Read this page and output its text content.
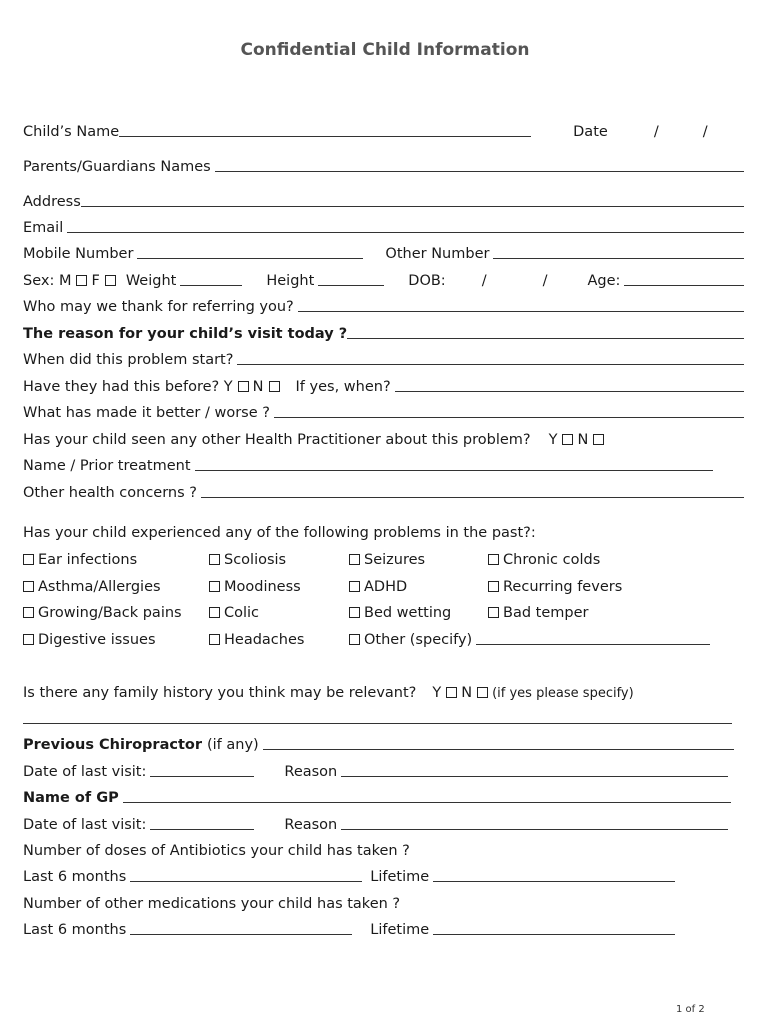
Confidential Child Information
Child’s Name	Date	/	/
Parents/Guardians Names
Address
Email
Mobile Number	Other Number
Sex: M F Weight	Height	DOB: /	/	Age:
Who may we thank for referring you?
The reason for your child’s visit today ?
When did this problem start?
Have they had this before? Y N If yes, when?
What has made it better / worse ?
Has your child seen any other Health Practitioner about this problem? Y N
Name / Prior treatment
Other health concerns ?
Has your child experienced any of the following problems in the past?:
Ear infections	Scoliosis	Seizures	Chronic colds
Asthma/Allergies	Moodiness	ADHD	Recurring fevers
Growing/Back pains	Colic	Bed wetting	Bad temper
Digestive issues	Headaches	Other (specify)
Is there any family history you think may be relevant? Y N (if yes please specify)
Previous Chiropractor (if any)
Date of last visit:	Reason
Name of GP
Date of last visit:	Reason
Number of doses of Antibiotics your child has taken ?
Last 6 months	Lifetime
Number of other medications your child has taken ?
Last 6 months	Lifetime
1 of 2
